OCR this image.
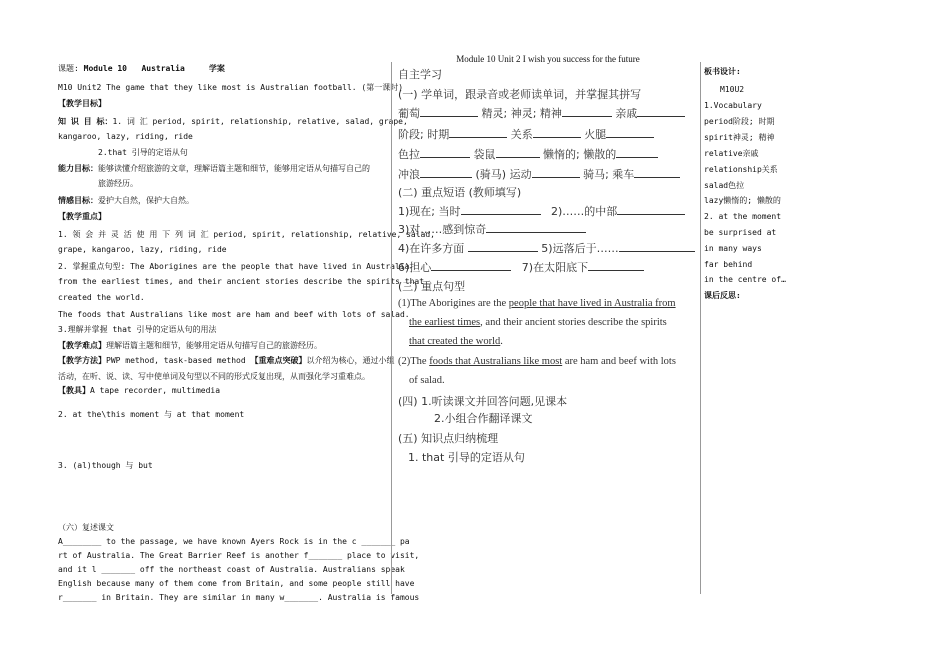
Module 10 Unit 2 I wish you success for the future
课题: Module 10 Australia	学案
M10 Unit2 The game that they like most is Australian football. (第一课时)
【教学目标】
知 识 目 标：1. 词 汇 period, spirit, relationship, relative, salad, grape,
kangaroo, lazy, riding, ride
2.that 引导的定语从句
能力目标：能够读懂介绍旅游的文章，理解语篇主题和细节，能够用定语从句描写自己的
旅游经历。
情感目标：爱护大自然，保护大自然。
【教学重点】
1. 领 会 并 灵 活 使 用 下 列 词 汇 period, spirit, relationship, relative, salad,
grape, kangaroo, lazy, riding, ride
2. 掌握重点句型: The Aborigines are the people that have lived in Australia
from the earliest times, and their ancient stories describe the spirits that
created the world.
The foods that Australians like most are ham and beef with lots of salad.
3.理解并掌握 that 引导的定语从句的用法
【教学难点】理解语篇主题和细节，能够用定语从句描写自己的旅游经历。
【教学方法】PWP method, task-based method 【重难点突破】以介绍为核心，通过小组
活动，在听、说、读、写中使单词及句型以不同的形式反复出现，从而强化学习重难点。
【教具】A tape recorder, multimedia
2. at the\this moment 与 at that moment
3. (al)though 与 but
（六）复述课文
A________ to the passage, we have known Ayers Rock is in the c _______ pa
rt of Australia. The Great Barrier Reef is another f_______ place to visit,
and it l _______ off the northeast coast of Australia. Australians speak
English because many of them come from Britain, and some people still have
r_______ in Britain. They are similar in many w_______. Australia is famous
自主学习
(一) 学单词，跟录音或老师读单词，并掌握其拼写
葡萄	精灵; 神灵; 精神	亲戚
阶段; 时期	关系	火腿
色拉	袋鼠	懒惰的; 懒散的
冲浪	(骑马) 运动	骑马; 乘车
(二) 重点短语 (教师填写)
1)现在; 当时	2)……的中部
3)对……感到惊奇
4)在许多方面	5)远落后于……
6)担心	7)在太阳底下
(三) 重点句型
(1)The Aborigines are the people that have lived in Australia from
the earliest times, and their ancient stories describe the spirits
that created the world.
(2)The foods that Australians like most are ham and beef with lots
of salad.
(四) 1.听读课文并回答问题,见课本
2.小组合作翻译课文
(五) 知识点归纳梳理
1. that 引导的定语从句
板书设计:
M10U2
1.Vocabulary
period阶段; 时期
spirit神灵; 精神
relative亲戚
relationship关系
salad色拉
lazy懒惰的; 懒散的
2. at the moment
be surprised at
in many ways
far behind
in the centre of…
课后反思:
